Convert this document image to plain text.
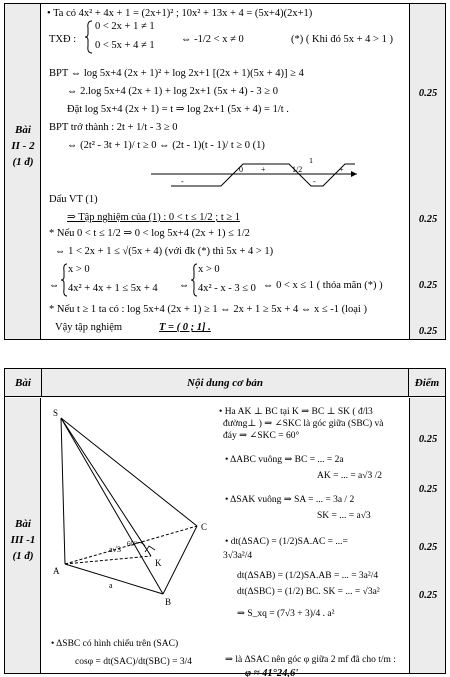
Bài
II - 2
(1 đ)
• Ta có 4x² + 4x + 1 = (2x+1)² ; 10x² + 13x + 4 = (5x+4)(2x+1)
TXĐ :
0 < 2x + 1 ≠ 1
0 < 5x + 4 ≠ 1
⇔ -1/2 < x ≠ 0	(*) ( Khi đó 5x + 4 > 1 )
BPT ⇔ log 5x+4 (2x + 1)² + log 2x+1 [(2x + 1)(5x + 4)] ≥ 4
⇔ 2.log 5x+4 (2x + 1) + log 2x+1 (5x + 4) - 3 ≥ 0
Đặt log 5x+4 (2x + 1) = t ⇒ log 2x+1 (5x + 4) = 1/t .
BPT trở thành : 2t + 1/t - 3 ≥ 0
⇔ (2t² - 3t + 1)/ t ≥ 0 ⇔ (2t - 1)(t - 1)/ t ≥ 0 (1)
0	1/2
1
-
+
-
+
Dấu VT (1)
⇒ Tập nghiệm của (1) : 0 < t ≤ 1/2 ; t ≥ 1
* Nếu 0 < t ≤ 1/2 ⇒ 0 < log 5x+4 (2x + 1) ≤ 1/2
⇔ 1 < 2x + 1 ≤ √(5x + 4) (với đk (*) thì 5x + 4 > 1)
⇔
x > 0
4x² + 4x + 1 ≤ 5x + 4 ⇔
x > 0
4x² - x - 3 ≤ 0 ⇔ 0 < x ≤ 1 ( thỏa mãn (*) )
* Nếu t ≥ 1 ta có : log 5x+4 (2x + 1) ≥ 1 ⇔ 2x + 1 ≥ 5x + 4 ⇔ x ≤ -1 (loại )
Vậy tập nghiệm	T = ( 0 ; 1] .
0.25
0.25
0.25
0.25
Bài	Nội dung cơ bản	Điểm
Bài
III -1
(1 đ)
S
A
B
C
K
a√3
a
60°
• Ha AK ⊥ BC tại K ⇒ BC ⊥ SK ( đ/l3
đường⊥ ) ⇒ ∠SKC là góc giữa (SBC) và
đáy ⇒ ∠SKC = 60°
• ΔABC vuông ⇒ BC = ... = 2a
AK = ... = a√3 /2
• ΔSAK vuông ⇒ SA = ... = 3a / 2
SK = ... = a√3
• dt(ΔSAC) = (1/2)SA.AC = ...=
3√3a²/4
dt(ΔSAB) = (1/2)SA.AB = ... = 3a²/4
dt(ΔSBC) = (1/2) BC. SK = ... = √3a²
⇒ S_xq = (7√3 + 3)/4 . a²
• ΔSBC có hình chiếu trên (SAC)
cosφ = dt(SAC)/dt(SBC) = 3/4	⇒ là ΔSAC nên góc φ giữa 2 mf đã cho t/m :
φ ≈ 41°24,6'
0.25
0.25
0.25
0.25
